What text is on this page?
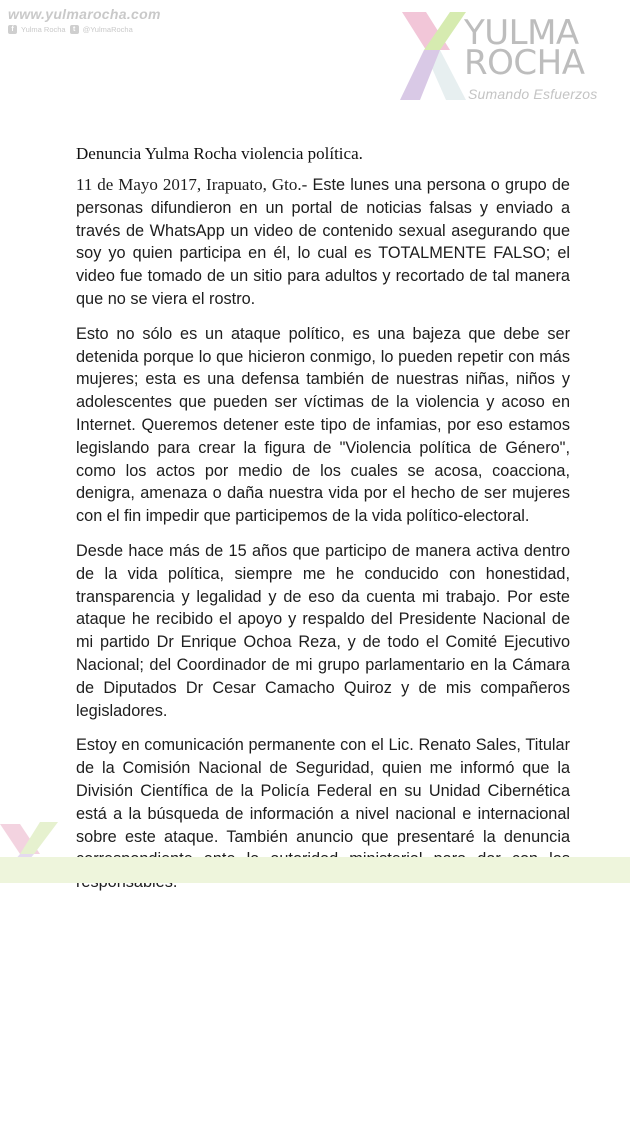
www.yulmarocha.com
f Yulma Rocha	t @YulmaRocha	YULMA
ROCHA
Sumando Esfuerzos
Denuncia Yulma Rocha violencia política.

11 de Mayo 2017, Irapuato, Gto.- Este lunes una persona o grupo de personas difundieron en un portal de noticias falsas y enviado a través de WhatsApp un video de contenido sexual asegurando que soy yo quien participa en él, lo cual es TOTALMENTE FALSO; el video fue tomado de un sitio para adultos y recortado de tal manera que no se viera el rostro.

Esto no sólo es un ataque político, es una bajeza que debe ser detenida porque lo que hicieron conmigo, lo pueden repetir con más mujeres; esta es una defensa también de nuestras niñas, niños y adolescentes que pueden ser víctimas de la violencia y acoso en Internet. Queremos detener este tipo de infamias, por eso estamos legislando para crear la figura de "Violencia política de Género", como los actos por medio de los cuales se acosa, coacciona, denigra, amenaza o daña nuestra vida por el hecho de ser mujeres con el fin impedir que participemos de la vida político-electoral.

Desde hace más de 15 años que participo de manera activa dentro de la vida política, siempre me he conducido con honestidad, transparencia y legalidad y de eso da cuenta mi trabajo. Por este ataque he recibido el apoyo y respaldo del Presidente Nacional de mi partido Dr Enrique Ochoa Reza, y de todo el Comité Ejecutivo Nacional; del Coordinador de mi grupo parlamentario en la Cámara de Diputados Dr Cesar Camacho Quiroz y de mis compañeros legisladores.

Estoy en comunicación permanente con el Lic. Renato Sales, Titular de la Comisión Nacional de Seguridad, quien me informó que la División Científica de la Policía Federal en su Unidad Cibernética está a la búsqueda de información a nivel nacional e internacional sobre este ataque. También anuncio que presentaré la denuncia
